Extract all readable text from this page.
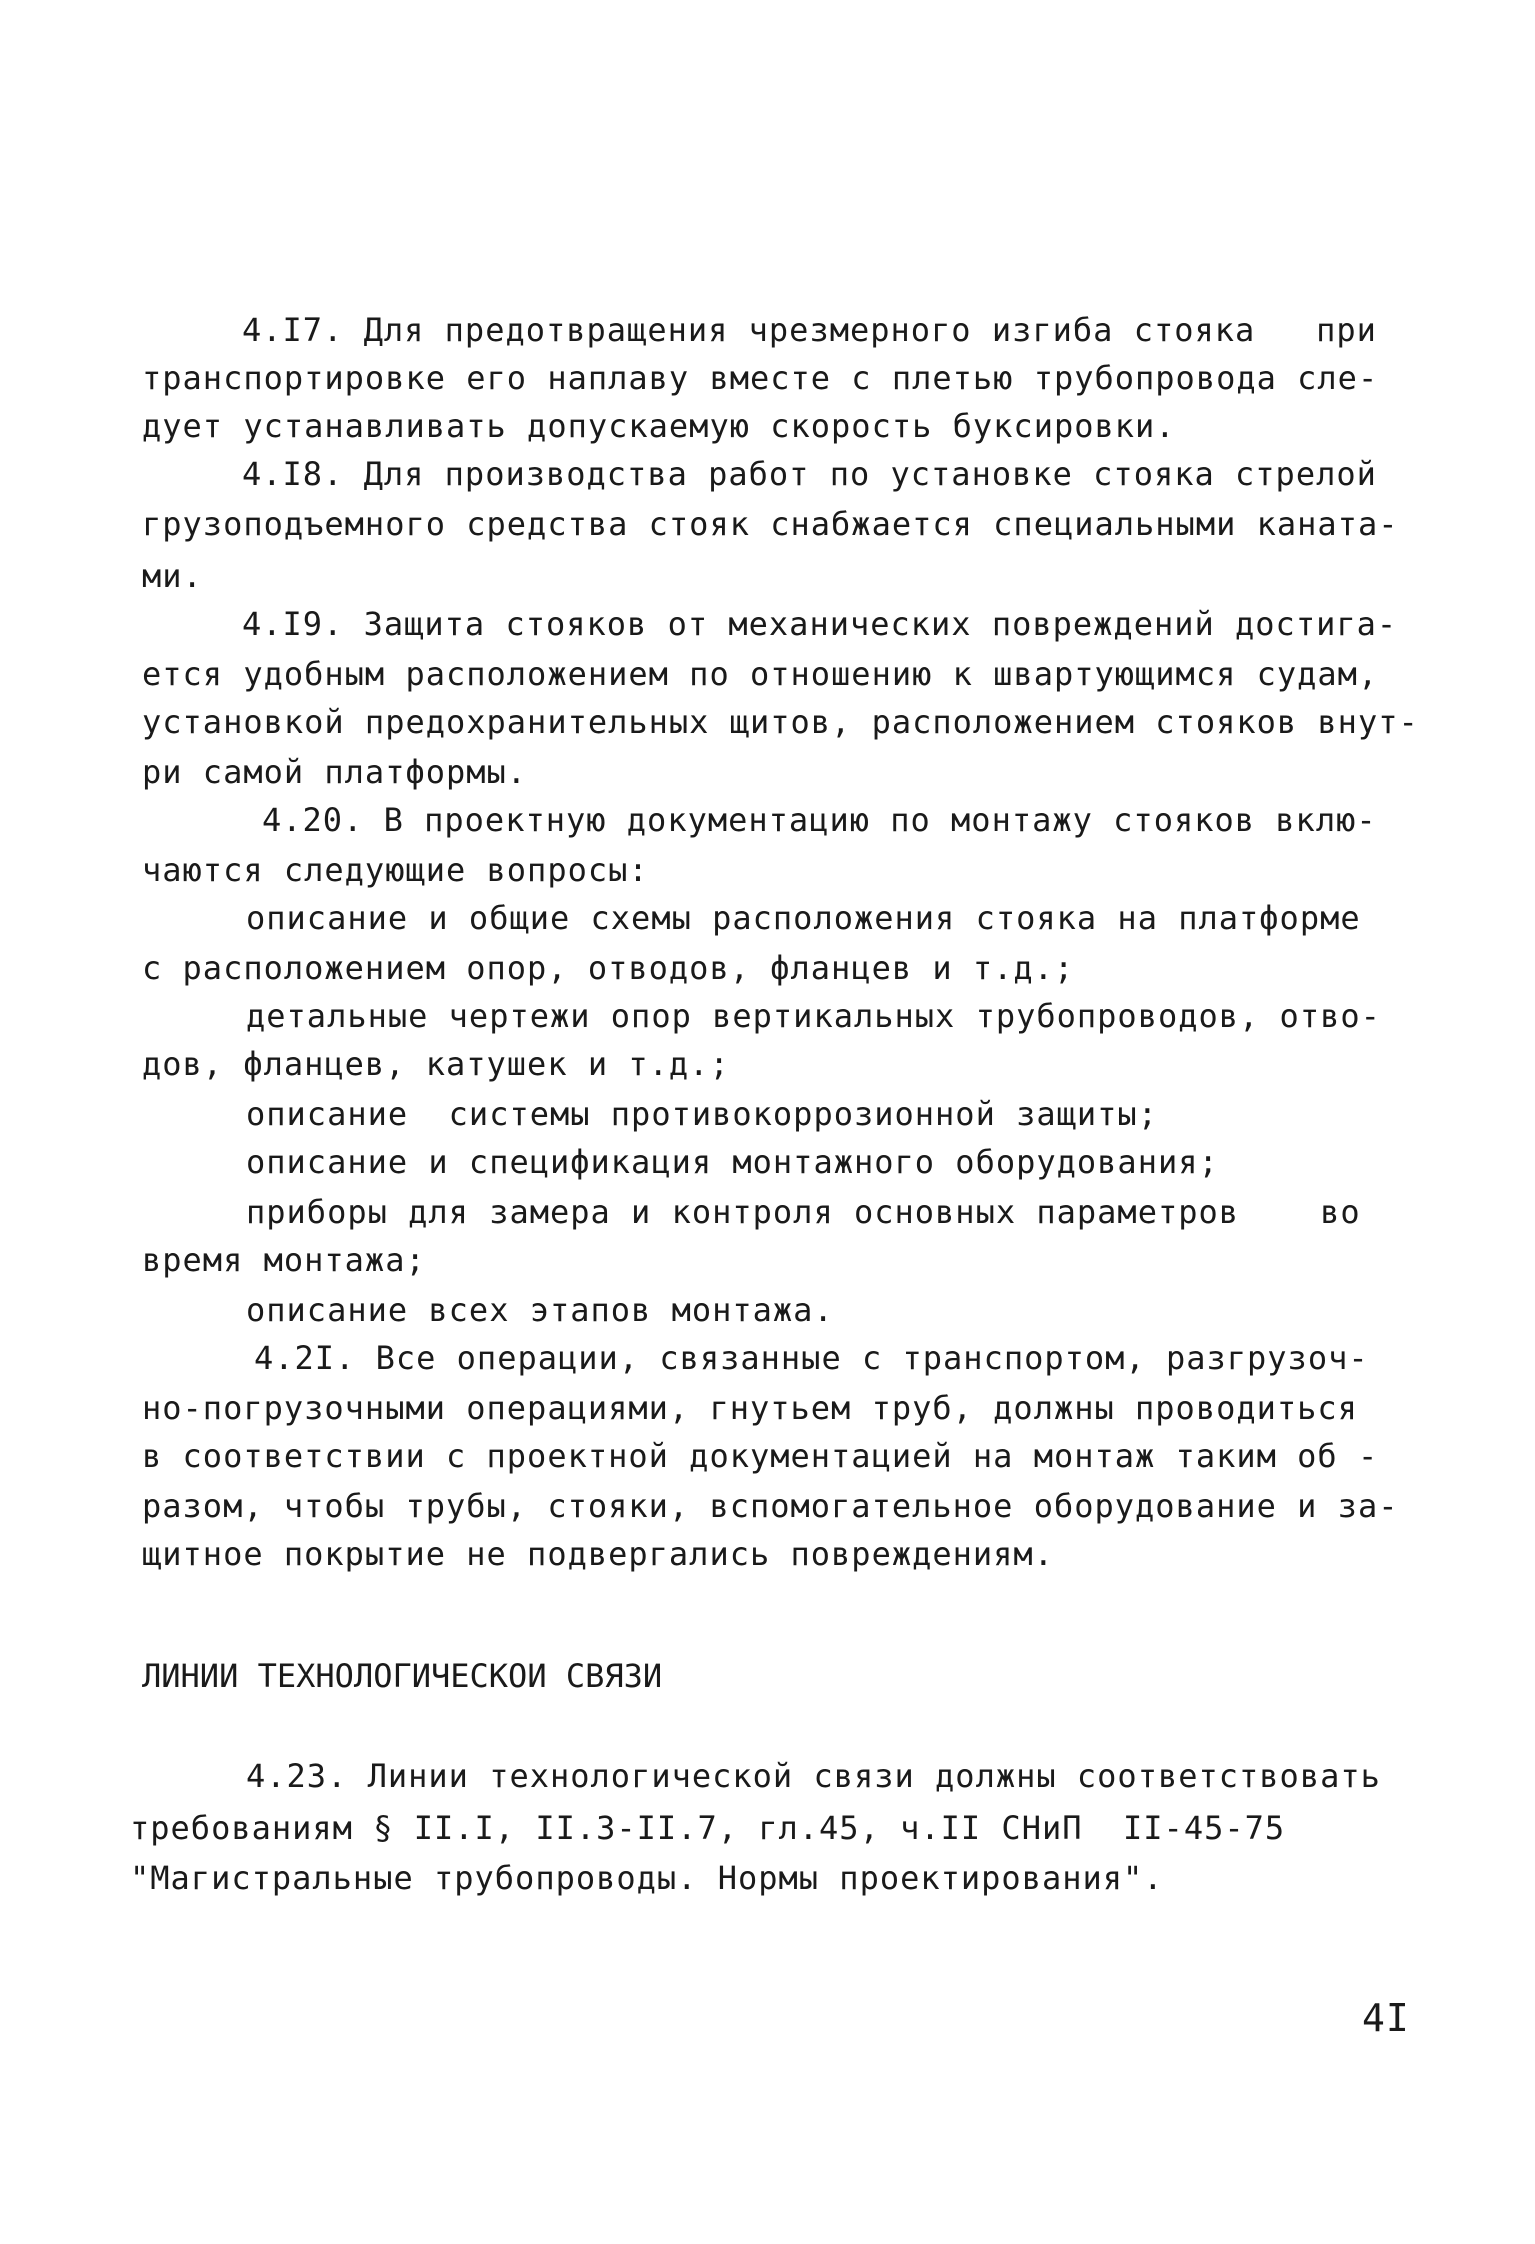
4.I7. Для предотвращения чрезмерного изгиба стояка   при
транспортировке его наплаву вместе с плетью трубопровода сле-
дует устанавливать допускаемую скорость буксировки.
4.I8. Для производства работ по установке стояка стрелой
грузоподъемного средства стояк снабжается специальными каната-
ми.
4.I9. Защита стояков от механических повреждений достига-
ется удобным расположением по отношению к швартующимся судам,
установкой предохранительных щитов, расположением стояков внут-
ри самой платформы.
4.20. В проектную документацию по монтажу стояков вклю-
чаются следующие вопросы:
описание и общие схемы расположения стояка на платформе
с расположением опор, отводов, фланцев и т.д.;
детальные чертежи опор вертикальных трубопроводов, отво-
дов, фланцев, катушек и т.д.;
описание  системы противокоррозионной защиты;
описание и спецификация монтажного оборудования;
приборы для замера и контроля основных параметров    во
время монтажа;
описание всех этапов монтажа.
4.2I. Все операции, связанные с транспортом, разгрузоч-
но-погрузочными операциями, гнутьем труб, должны проводиться
в соответствии с проектной документацией на монтаж таким об -
разом, чтобы трубы, стояки, вспомогательное оборудование и за-
щитное покрытие не подвергались повреждениям.
ЛИНИИ ТЕХНОЛОГИЧЕСКОИ СВЯЗИ
4.23. Линии технологической связи должны соответствовать
требованиям § II.I, II.3-II.7, гл.45, ч.II СНиП  II-45-75
"Магистральные трубопроводы. Нормы проектирования".
4I
